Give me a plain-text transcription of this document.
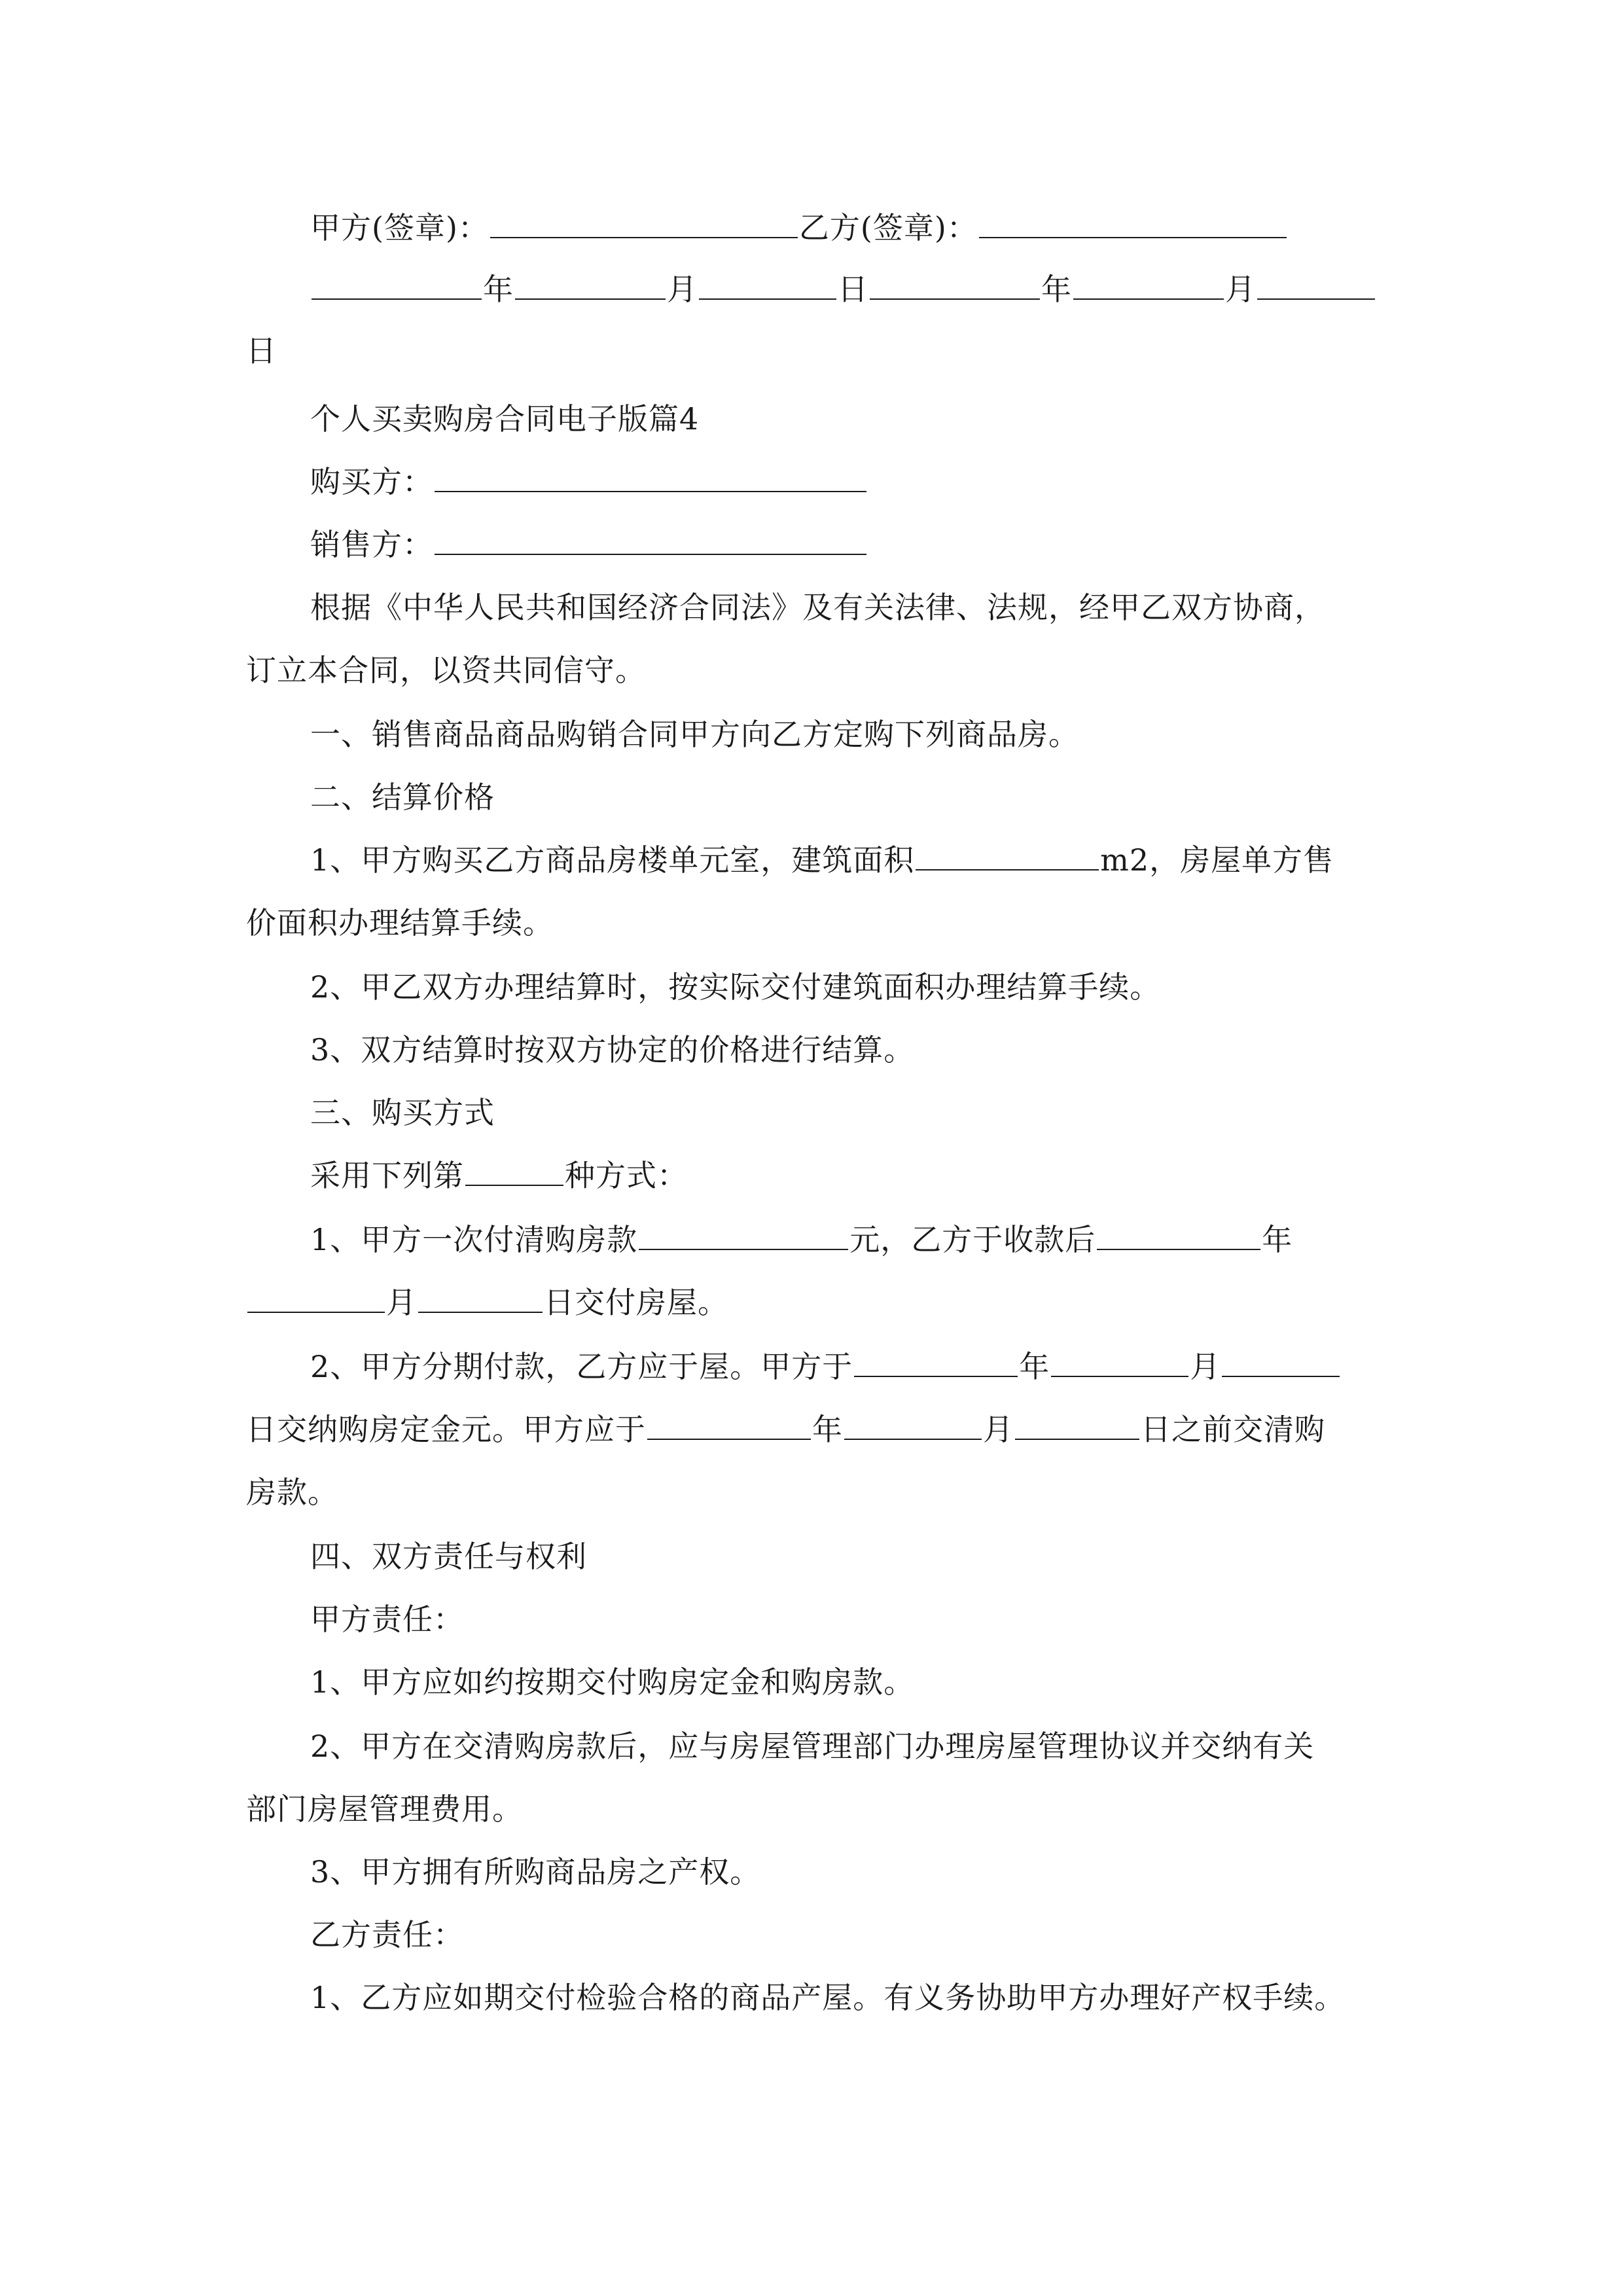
甲方(签章)：	乙方(签章)：
年	月	日	年	月
日
个人买卖购房合同电子版篇4
购买方：
销售方：
根据《中华人民共和国经济合同法》及有关法律、法规，经甲乙双方协商，
订立本合同，以资共同信守。
一、销售商品商品购销合同甲方向乙方定购下列商品房。
二、结算价格
1、甲方购买乙方商品房楼单元室，建筑面积	m2，房屋单方售
价面积办理结算手续。
2、甲乙双方办理结算时，按实际交付建筑面积办理结算手续。
3、双方结算时按双方协定的价格进行结算。
三、购买方式
采用下列第	种方式：
1、甲方一次付清购房款	元，乙方于收款后	年
月	日交付房屋。
2、甲方分期付款，乙方应于屋。甲方于	年	月
日交纳购房定金元。甲方应于	年	月	日之前交清购
房款。
四、双方责任与权利
甲方责任：
1、甲方应如约按期交付购房定金和购房款。
2、甲方在交清购房款后，应与房屋管理部门办理房屋管理协议并交纳有关
部门房屋管理费用。
3、甲方拥有所购商品房之产权。
乙方责任：
1、乙方应如期交付检验合格的商品产屋。有义务协助甲方办理好产权手续。
